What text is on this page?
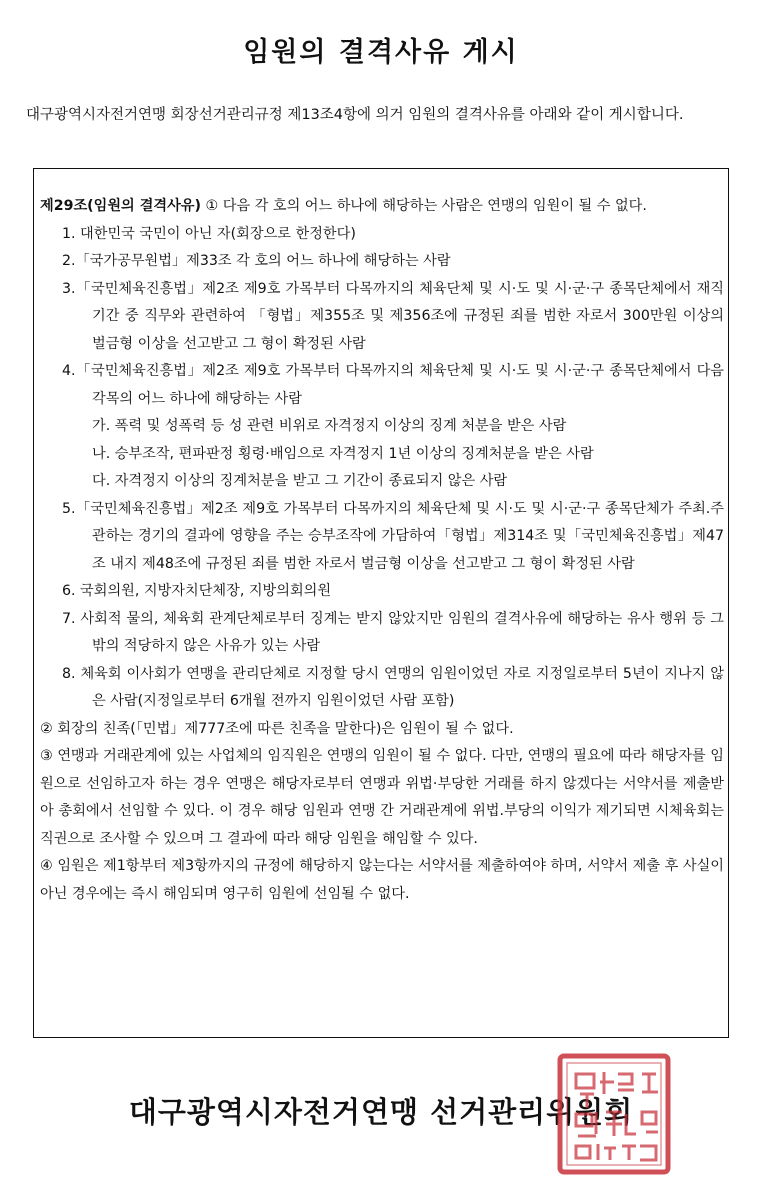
임원의 결격사유 게시
대구광역시자전거연맹 회장선거관리규정 제13조4항에 의거 임원의 결격사유를 아래와 같이 게시합니다.

제29조(임원의 결격사유) ① 다음 각 호의 어느 하나에 해당하는 사람은 연맹의 임원이 될 수 없다.

1. 대한민국 국민이 아닌 자(회장으로 한정한다)

2.「국가공무원법」제33조 각 호의 어느 하나에 해당하는 사람

3.「국민체육진흥법」제2조 제9호 가목부터 다목까지의 체육단체 및 시·도 및 시·군·구 종목단체에서 재직기간 중 직무와 관련하여 「형법」제355조 및 제356조에 규정된 죄를 범한 자로서 300만원 이상의 벌금형 이상을 선고받고 그 형이 확정된 사람

4.「국민체육진흥법」제2조 제9호 가목부터 다목까지의 체육단체 및 시·도 및 시·군·구 종목단체에서 다음 각목의 어느 하나에 해당하는 사람

가. 폭력 및 성폭력 등 성 관련 비위로 자격정지 이상의 징계 처분을 받은 사람

나. 승부조작, 편파판정 횡령·배임으로 자격정지 1년 이상의 징계처분을 받은 사람

다. 자격정지 이상의 징계처분을 받고 그 기간이 종료되지 않은 사람

5.「국민체육진흥법」제2조 제9호 가목부터 다목까지의 체육단체 및 시·도 및 시·군·구 종목단체가 주최.주관하는 경기의 결과에 영향을 주는 승부조작에 가담하여「형법」제314조 및「국민체육진흥법」제47조 내지 제48조에 규정된 죄를 범한 자로서 벌금형 이상을 선고받고 그 형이 확정된 사람

6. 국회의원, 지방자치단체장, 지방의회의원

7. 사회적 물의, 체육회 관계단체로부터 징계는 받지 않았지만 임원의 결격사유에 해당하는 유사 행위 등 그 밖의 적당하지 않은 사유가 있는 사람

8. 체육회 이사회가 연맹을 관리단체로 지정할 당시 연맹의 임원이었던 자로 지정일로부터 5년이 지나지 않은 사람(지정일로부터 6개월 전까지 임원이었던 사람 포함)

② 회장의 친족(「민법」제777조에 따른 친족을 말한다)은 임원이 될 수 없다.

③ 연맹과 거래관계에 있는 사업체의 임직원은 연맹의 임원이 될 수 없다. 다만, 연맹의 필요에 따라 해당자를 임원으로 선임하고자 하는 경우 연맹은 해당자로부터 연맹과 위법·부당한 거래를 하지 않겠다는 서약서를 제출받아 총회에서 선임할 수 있다. 이 경우 해당 임원과 연맹 간 거래관계에 위법.부당의 이익가 제기되면 시체육회는 직권으로 조사할 수 있으며 그 결과에 따라 해당 임원을 해임할 수 있다.

④ 임원은 제1항부터 제3항까지의 규정에 해당하지 않는다는 서약서를 제출하여야 하며, 서약서 제출 후 사실이 아닌 경우에는 즉시 해임되며 영구히 임원에 선임될 수 없다.

대구광역시자전거연맹 선거관리위원회
